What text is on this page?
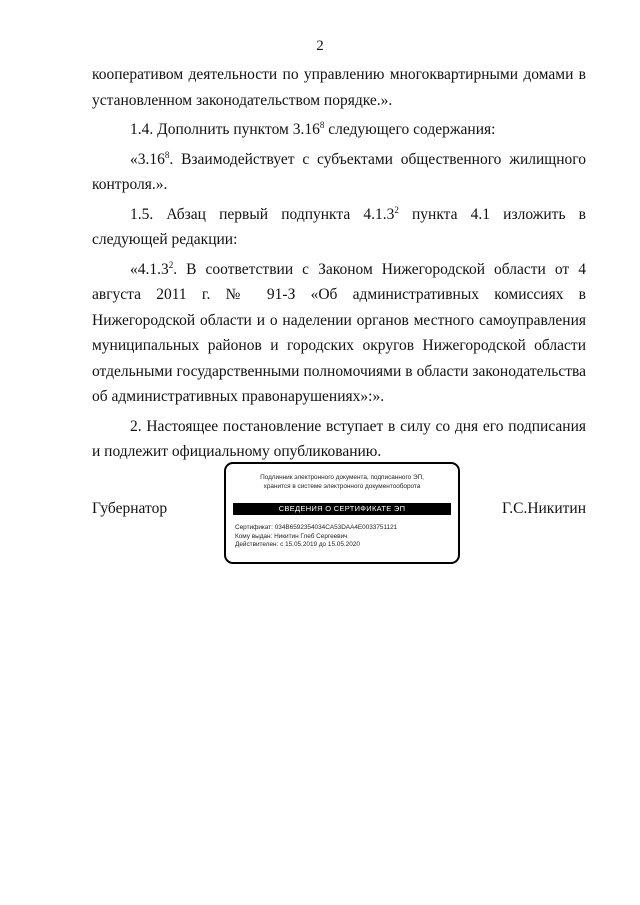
2

кооперативом деятельности по управлению многоквартирными домами в установленном законодательством порядке.».

1.4. Дополнить пунктом 3.16$^8$ следующего содержания:

«3.16$^8$. Взаимодействует с субъектами общественного жилищного контроля.».

1.5. Абзац первый подпункта 4.1.3$^2$ пункта 4.1 изложить в следующей редакции:

«4.1.3$^2$. В соответствии с Законом Нижегородской области от 4 августа 2011 г. № 91-З «Об административных комиссиях в Нижегородской области и о наделении органов местного самоуправления муниципальных районов и городских округов Нижегородской области отдельными государственными полномочиями в области законодательства об административных правонарушениях»:».

2. Настоящее постановление вступает в силу со дня его подписания и подлежит официальному опубликованию.

Губернатор
Подлинник электронного документа, подписанного ЭП,
хранится в системе электронного документооборота
СВЕДЕНИЯ О СЕРТИФИКАТЕ ЭП
Сертификат: 034B6592354034CA53DAA4E0033751121
Кому выдан: Никитин Глеб Сергеевич
Действителен: с 15.05.2019 до 15.05.2020
Г.С.Никитин
